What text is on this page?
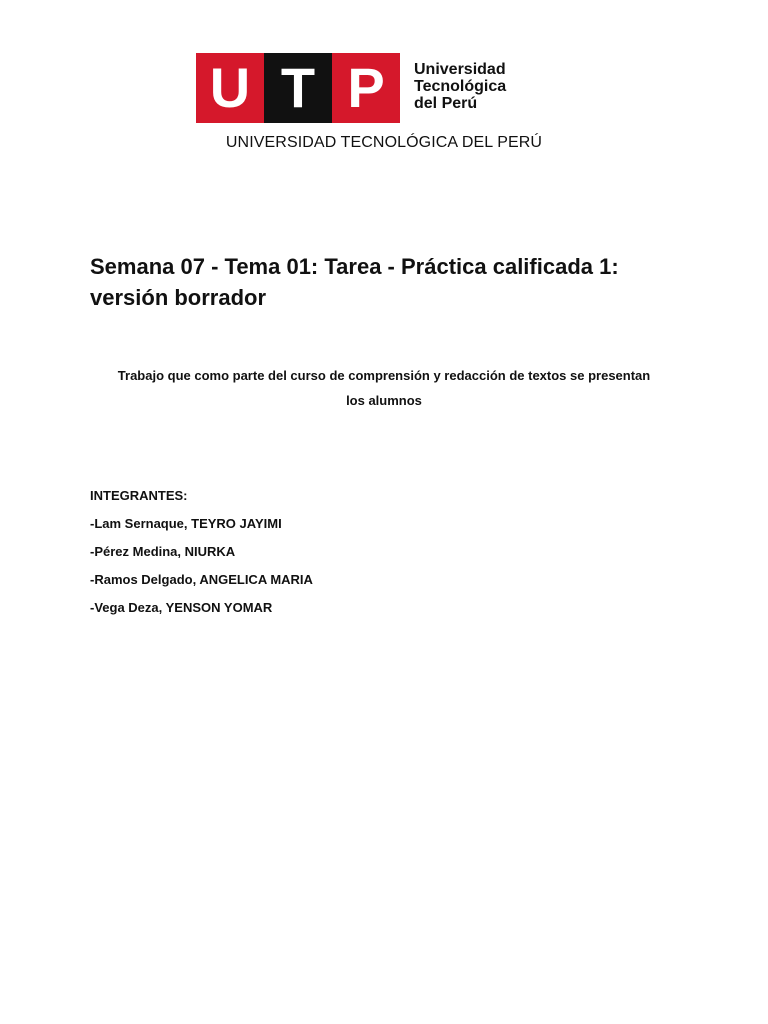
U T P	Universidad
Tecnológica
del Perú
UNIVERSIDAD TECNOLÓGICA DEL PERÚ
Semana 07 - Tema 01: Tarea - Práctica calificada 1:
versión borrador
Trabajo que como parte del curso de comprensión y redacción de textos se presentan
los alumnos
INTEGRANTES:
-Lam Sernaque, TEYRO JAYIMI
-Pérez Medina, NIURKA
-Ramos Delgado, ANGELICA MARIA
-Vega Deza, YENSON YOMAR
